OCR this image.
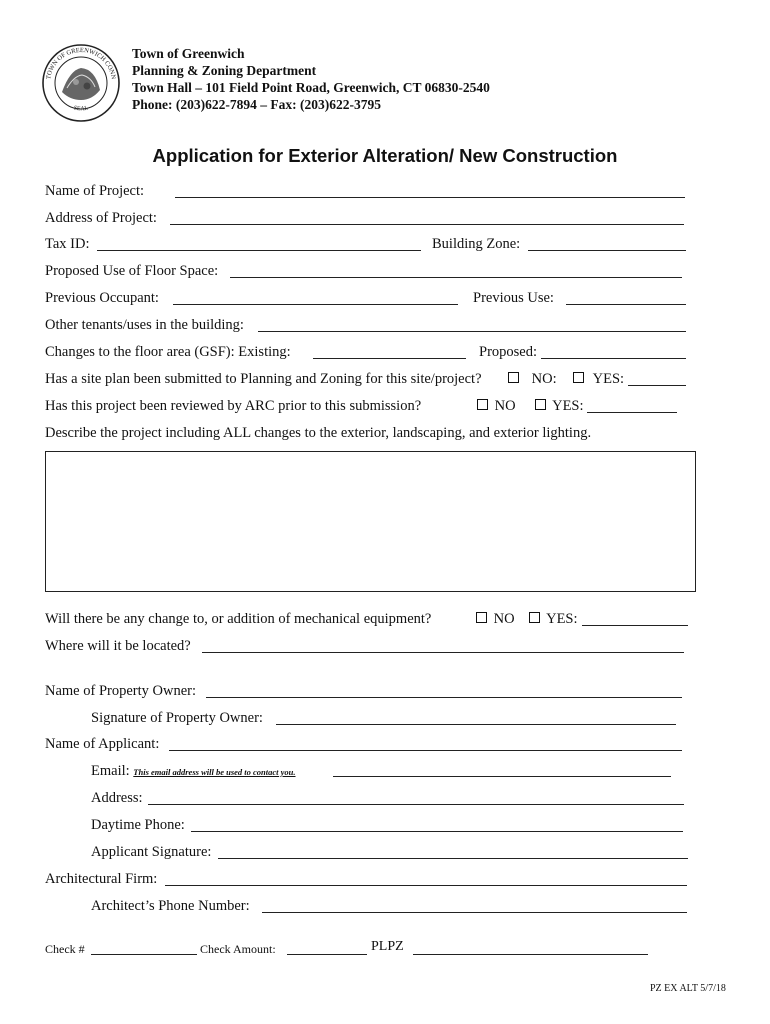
TOWN OF GREENWICH CONN
SEAL
Town of Greenwich
Planning & Zoning Department
Town Hall – 101 Field Point Road, Greenwich, CT 06830-2540
Phone: (203)622-7894 – Fax: (203)622-3795
Application for Exterior Alteration/ New Construction
Name of Project:
Address of Project:
Tax ID:	Building Zone:
Proposed Use of Floor Space:
Previous Occupant:	Previous Use:
Other tenants/uses in the building:
Changes to the floor area (GSF): Existing:	Proposed:
Has a site plan been submitted to Planning and Zoning for this site/project?	NO:	YES:
Has this project been reviewed by ARC prior to this submission?	NO	YES:
Describe the project including ALL changes to the exterior, landscaping, and exterior lighting.
Will there be any change to, or addition of mechanical equipment?	NO	YES:
Where will it be located?
Name of Property Owner:
Signature of Property Owner:
Name of Applicant:
Email: This email address will be used to contact you.
Address:
Daytime Phone:
Applicant Signature:
Architectural Firm:
Architect’s Phone Number:
Check #	Check Amount:	PLPZ
PZ EX ALT 5/7/18
